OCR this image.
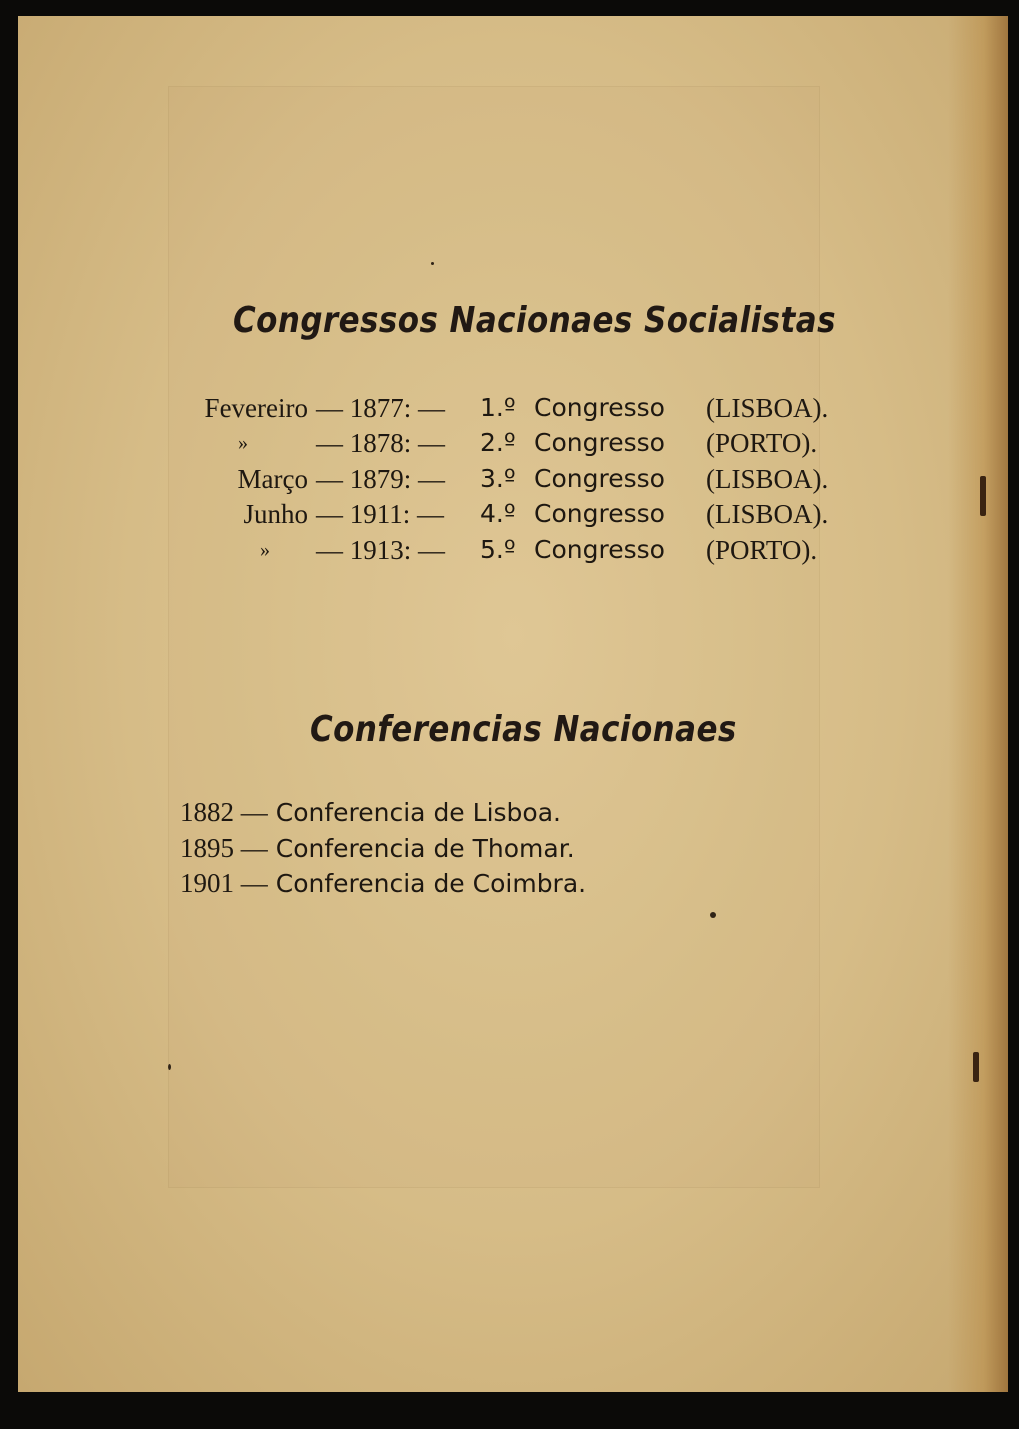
Congressos Nacionaes Socialistas
Fevereiro — 1877: — 1.º Congresso (LISBOA).
»	— 1878: — 2.º Congresso (PORTO).
Março — 1879: — 3.º Congresso (LISBOA).
Junho — 1911: — 4.º Congresso (LISBOA).
» — 1913: — 5.º Congresso (PORTO).
Conferencias Nacionaes
1882 — Conferencia de Lisboa.
1895 — Conferencia de Thomar.
1901 — Conferencia de Coimbra.
